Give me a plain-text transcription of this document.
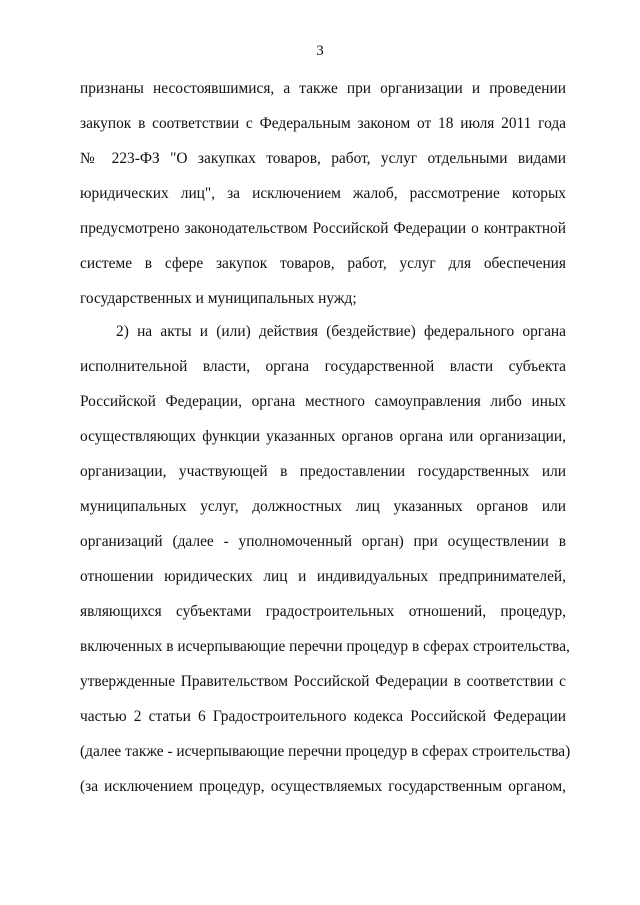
3
признаны несостоявшимися, а также при организации и проведении
закупок в соответствии с Федеральным законом от 18 июля 2011 года
№ 223-ФЗ "О закупках товаров, работ, услуг отдельными видами
юридических лиц", за исключением жалоб, рассмотрение которых
предусмотрено законодательством Российской Федерации о контрактной
системе в сфере закупок товаров, работ, услуг для обеспечения
государственных и муниципальных нужд;
2) на акты и (или) действия (бездействие) федерального органа
исполнительной власти, органа государственной власти субъекта
Российской Федерации, органа местного самоуправления либо иных
осуществляющих функции указанных органов органа или организации,
организации, участвующей в предоставлении государственных или
муниципальных услуг, должностных лиц указанных органов или
организаций (далее - уполномоченный орган) при осуществлении в
отношении юридических лиц и индивидуальных предпринимателей,
являющихся субъектами градостроительных отношений, процедур,
включенных в исчерпывающие перечни процедур в сферах строительства,
утвержденные Правительством Российской Федерации в соответствии с
частью 2 статьи 6 Градостроительного кодекса Российской Федерации
(далее также - исчерпывающие перечни процедур в сферах строительства)
(за исключением процедур, осуществляемых государственным органом,
